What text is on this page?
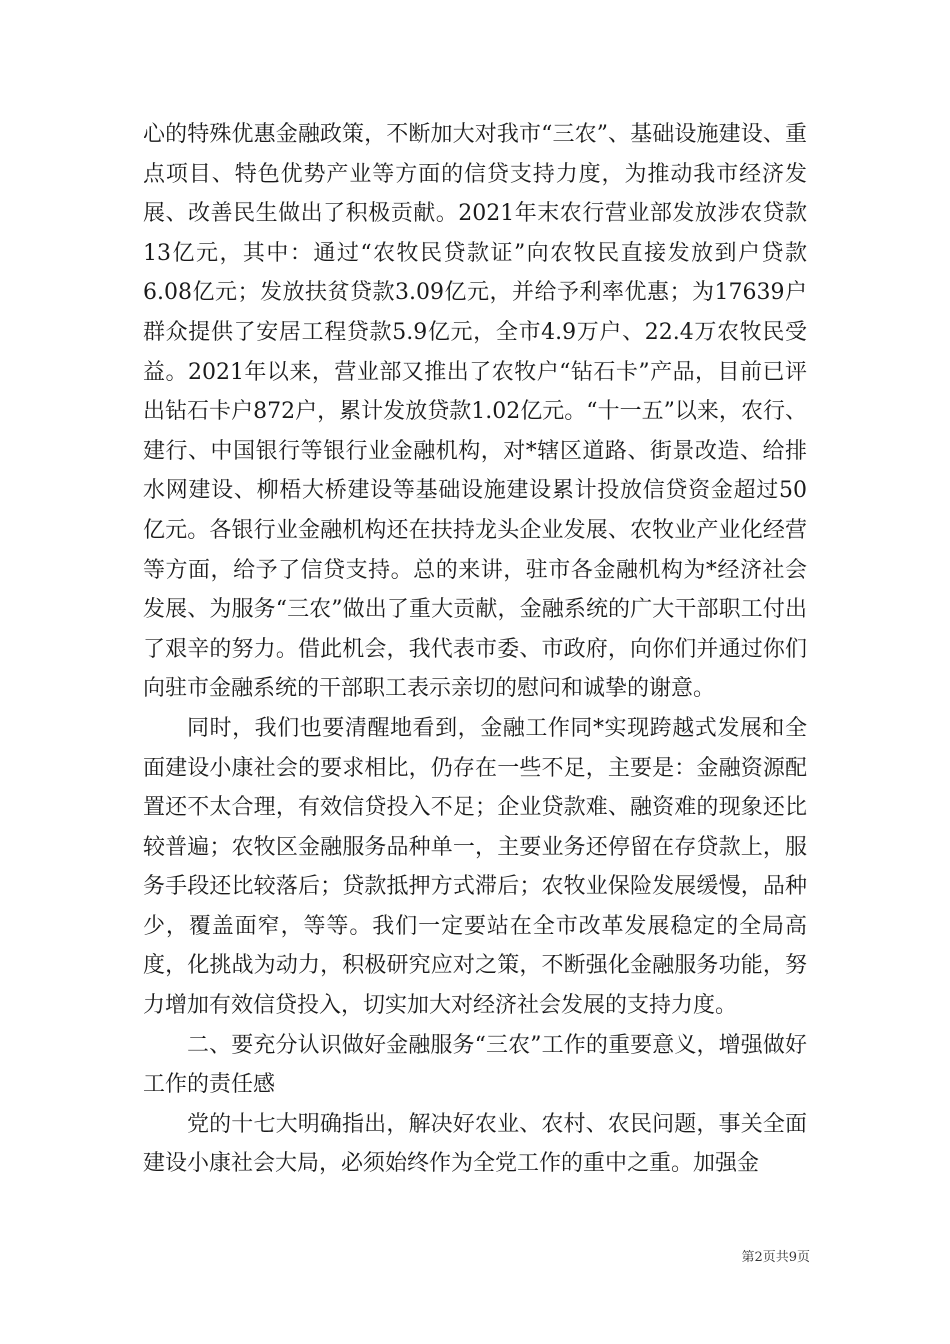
心的特殊优惠金融政策，不断加大对我市“三农”、基础设施建设、重点项目、特色优势产业等方面的信贷支持力度，为推动我市经济发展、改善民生做出了积极贡献。2021年末农行营业部发放涉农贷款13亿元，其中：通过“农牧民贷款证”向农牧民直接发放到户贷款6.08亿元；发放扶贫贷款3.09亿元，并给予利率优惠；为17639户群众提供了安居工程贷款5.9亿元，全市4.9万户、22.4万农牧民受益。2021年以来，营业部又推出了农牧户“钻石卡”产品，目前已评出钻石卡户872户，累计发放贷款1.02亿元。“十一五”以来，农行、建行、中国银行等银行业金融机构，对*辖区道路、街景改造、给排水网建设、柳梧大桥建设等基础设施建设累计投放信贷资金超过50亿元。各银行业金融机构还在扶持龙头企业发展、农牧业产业化经营等方面，给予了信贷支持。总的来讲，驻市各金融机构为*经济社会发展、为服务“三农”做出了重大贡献，金融系统的广大干部职工付出了艰辛的努力。借此机会，我代表市委、市政府，向你们并通过你们向驻市金融系统的干部职工表示亲切的慰问和诚挚的谢意。

同时，我们也要清醒地看到，金融工作同*实现跨越式发展和全面建设小康社会的要求相比，仍存在一些不足，主要是：金融资源配置还不太合理，有效信贷投入不足；企业贷款难、融资难的现象还比较普遍；农牧区金融服务品种单一，主要业务还停留在存贷款上，服务手段还比较落后；贷款抵押方式滞后；农牧业保险发展缓慢，品种少，覆盖面窄，等等。我们一定要站在全市改革发展稳定的全局高度，化挑战为动力，积极研究应对之策，不断强化金融服务功能，努力增加有效信贷投入，切实加大对经济社会发展的支持力度。

二、要充分认识做好金融服务“三农”工作的重要意义，增强做好工作的责任感

党的十七大明确指出，解决好农业、农村、农民问题，事关全面建设小康社会大局，必须始终作为全党工作的重中之重。加强金

第2页共9页
